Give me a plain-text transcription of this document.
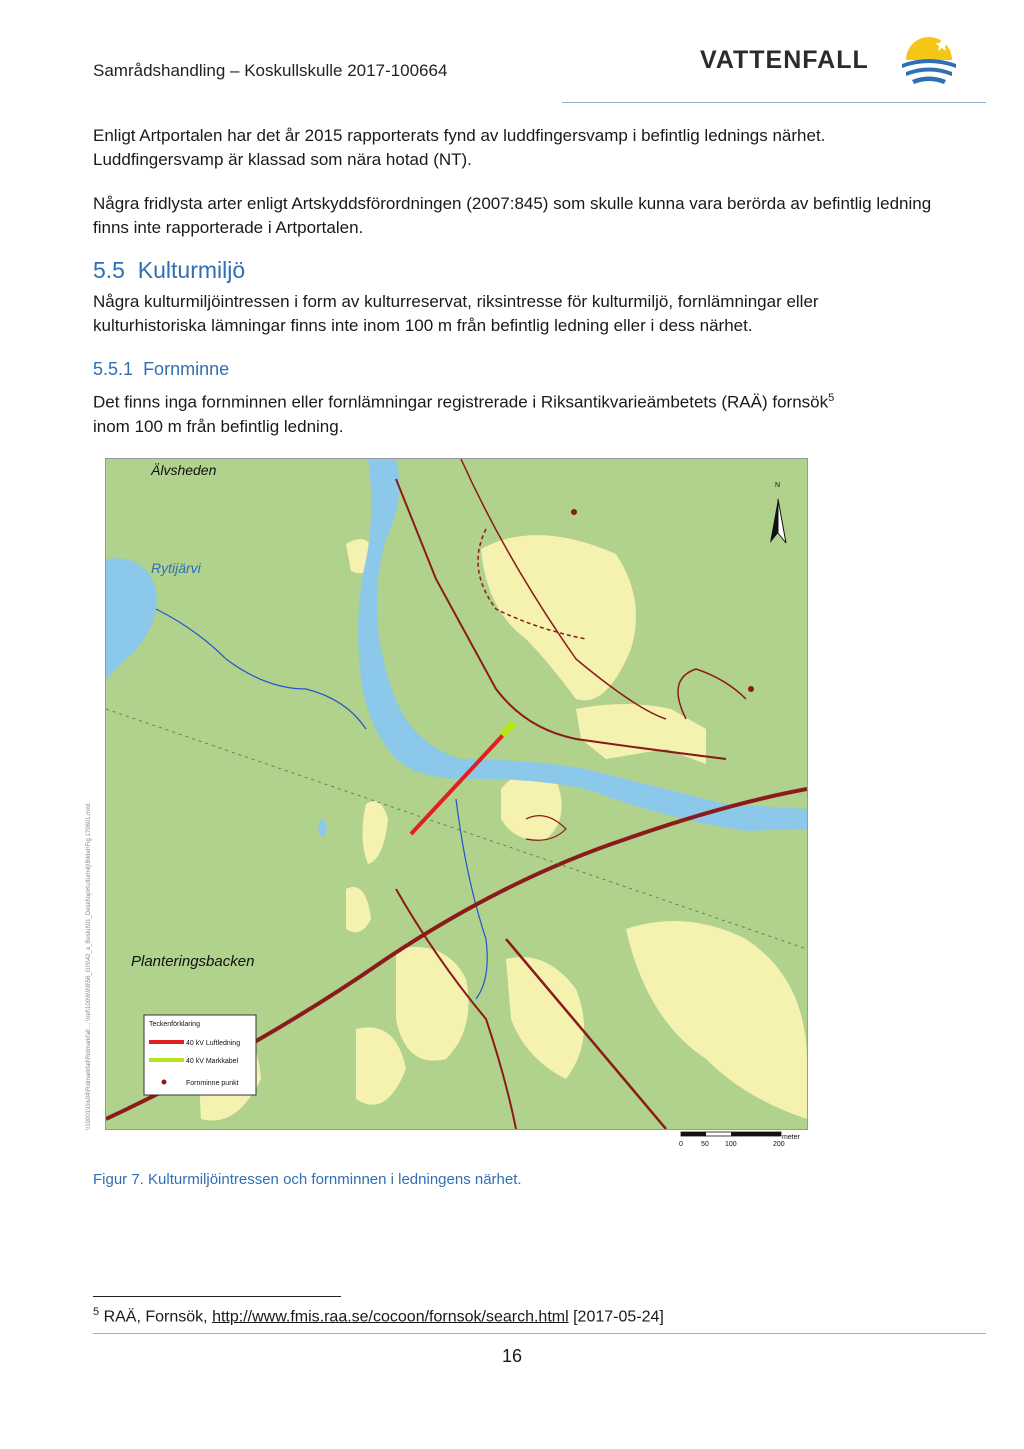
Samrådshandling – Koskullskulle 2017-100664	VATTENFALL

Enligt Artportalen har det år 2015 rapporterats fynd av luddfingersvamp i befintlig lednings närhet. Luddfingersvamp är klassad som nära hotad (NT).

Några fridlysta arter enligt Artskyddsförordningen (2007:845) som skulle kunna vara berörda av befintlig ledning finns inte rapporterade i Artportalen.

5.5 Kulturmiljö

Några kulturmiljöintressen i form av kulturreservat, riksintresse för kulturmiljö, fornlämningar eller kulturhistoriska lämningar finns inte inom 100 m från befintlig ledning eller i dess närhet.

5.5.1 Fornminne

Det finns inga fornminnen eller fornlämningar registrerade i Riksantikvarieämbetets (RAÄ) fornsök$^5$
inom 100 m från befintlig ledning.

N
Älvsheden
Rytijärvi
Planteringsbacken
Teckenförklaring
40 kV Luftledning
40 kV Markkabel
Fornminne punkt
\\10001\Gis04\Ridmarkfall\Ridmarkfall ... \\ref\100\6\9\8\56_GIS\42_a_Beslut\01_Deskt\op\Kulturmilj\Bilder\Fig 170601.mxd
meter
0	50 100	200
Figur 7. Kulturmiljöintressen och fornminnen i ledningens närhet.
$^5$ RAÄ, Fornsök, http://www.fmis.raa.se/cocoon/fornsok/search.html [2017-05-24]
16
